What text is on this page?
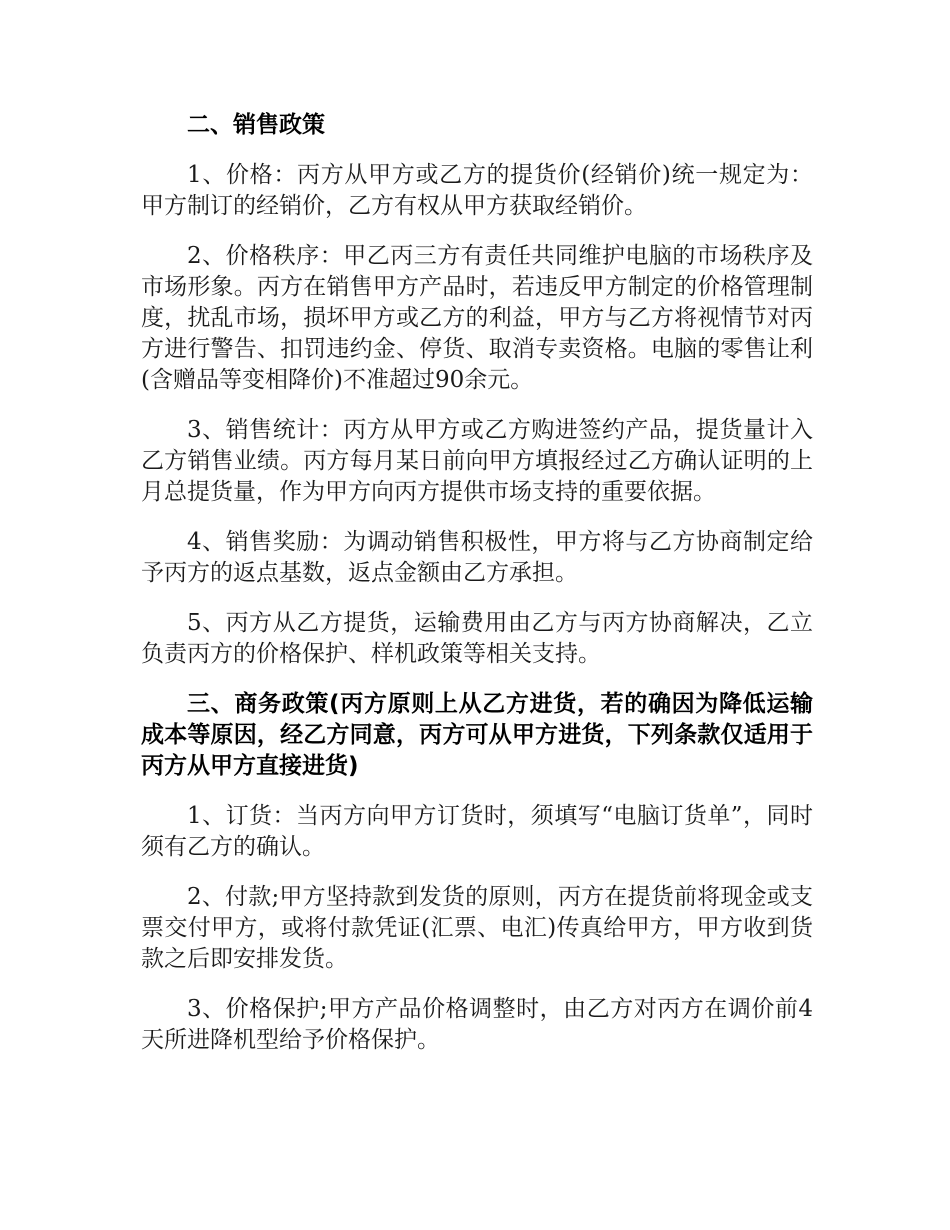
二、销售政策

1、价格：丙方从甲方或乙方的提货价(经销价)统一规定为：甲方制订的经销价，乙方有权从甲方获取经销价。

2、价格秩序：甲乙丙三方有责任共同维护电脑的市场秩序及市场形象。丙方在销售甲方产品时，若违反甲方制定的价格管理制度，扰乱市场，损坏甲方或乙方的利益，甲方与乙方将视情节对丙方进行警告、扣罚违约金、停货、取消专卖资格。电脑的零售让利(含赠品等变相降价)不准超过90余元。

3、销售统计：丙方从甲方或乙方购进签约产品，提货量计入乙方销售业绩。丙方每月某日前向甲方填报经过乙方确认证明的上月总提货量，作为甲方向丙方提供市场支持的重要依据。

4、销售奖励：为调动销售积极性，甲方将与乙方协商制定给予丙方的返点基数，返点金额由乙方承担。

5、丙方从乙方提货，运输费用由乙方与丙方协商解决，乙立负责丙方的价格保护、样机政策等相关支持。

三、商务政策(丙方原则上从乙方进货，若的确因为降低运输成本等原因，经乙方同意，丙方可从甲方进货，下列条款仅适用于丙方从甲方直接进货)

1、订货：当丙方向甲方订货时，须填写“电脑订货单”，同时须有乙方的确认。

2、付款;甲方坚持款到发货的原则，丙方在提货前将现金或支票交付甲方，或将付款凭证(汇票、电汇)传真给甲方，甲方收到货款之后即安排发货。

3、价格保护;甲方产品价格调整时，由乙方对丙方在调价前4天所进降机型给予价格保护。
